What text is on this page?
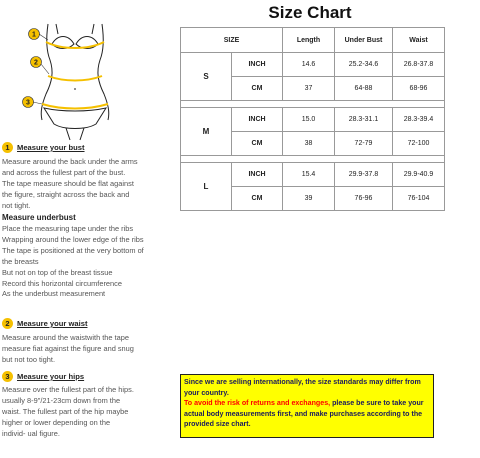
Size Chart
SIZE		Length	Under Bust	Waist
S	INCH	14.6	25.2-34.6	26.8-37.8
	CM	37	64-88	68-96

M	INCH	15.0	28.3-31.1	28.3-39.4
	CM	38	72-79	72-100

L	INCH	15.4	29.9-37.8	29.9-40.9
	CM	39	76-96	76-104
1
2
3
1 Measure your bust
Measure around the back under the arms
and across the fullest part of the bust.
The tape measure should be flat against
the figure, straight across the back and
not tight.
Measure underbust
Place the measuring tape under the ribs
Wrapping around the lower edge of the ribs
The tape is positioned at the very bottom of
the breasts
But not on top of the breast tissue
Record this horizontal circumference
As the underbust measurement
2 Measure your waist
Measure around the waistwith the tape
measure fiat against the figure and snug
but not too tight.
3 Measure your hips
Measure over the fullest part of the hips.
usually 8-9"/21-23cm down from the
waist. The fullest part of the hip maybe
higher or lower depending on the
individ- ual figure.
Since we are selling internationally, the size standards may differ from your country.
To avoid the risk of returns and exchanges, please be sure to take your actual body measurements first, and make purchases according to the provided size chart.
